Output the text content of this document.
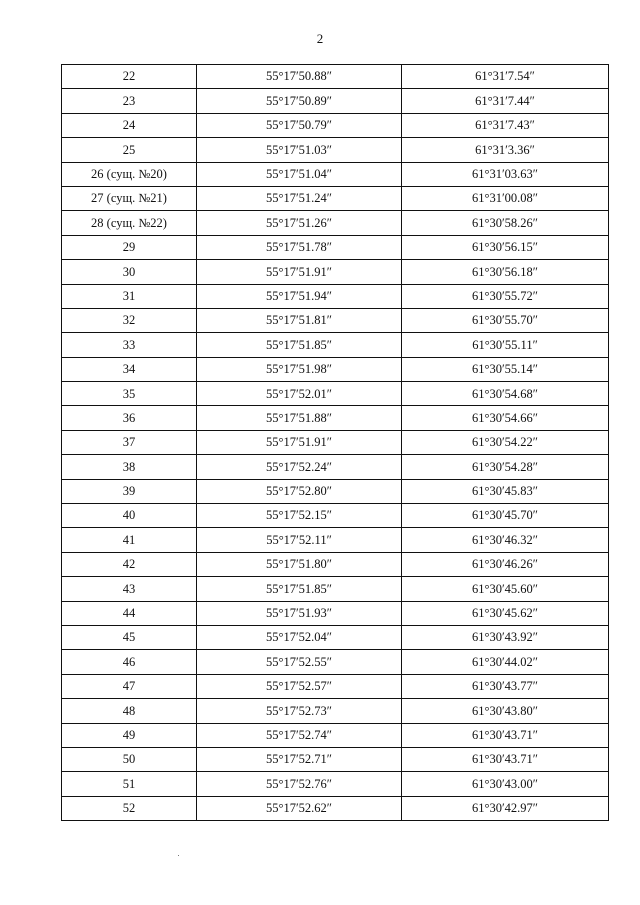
2
22	55°17′50.88″	61°31′7.54″
23	55°17′50.89″	61°31′7.44″
24	55°17′50.79″	61°31′7.43″
25	55°17′51.03″	61°31′3.36″
26 (сущ. №20)	55°17′51.04″	61°31′03.63″
27 (сущ. №21)	55°17′51.24″	61°31′00.08″
28 (сущ. №22)	55°17′51.26″	61°30′58.26″
29	55°17′51.78″	61°30′56.15″
30	55°17′51.91″	61°30′56.18″
31	55°17′51.94″	61°30′55.72″
32	55°17′51.81″	61°30′55.70″
33	55°17′51.85″	61°30′55.11″
34	55°17′51.98″	61°30′55.14″
35	55°17′52.01″	61°30′54.68″
36	55°17′51.88″	61°30′54.66″
37	55°17′51.91″	61°30′54.22″
38	55°17′52.24″	61°30′54.28″
39	55°17′52.80″	61°30′45.83″
40	55°17′52.15″	61°30′45.70″
41	55°17′52.11″	61°30′46.32″
42	55°17′51.80″	61°30′46.26″
43	55°17′51.85″	61°30′45.60″
44	55°17′51.93″	61°30′45.62″
45	55°17′52.04″	61°30′43.92″
46	55°17′52.55″	61°30′44.02″
47	55°17′52.57″	61°30′43.77″
48	55°17′52.73″	61°30′43.80″
49	55°17′52.74″	61°30′43.71″
50	55°17′52.71″	61°30′43.71″
51	55°17′52.76″	61°30′43.00″
52	55°17′52.62″	61°30′42.97″
